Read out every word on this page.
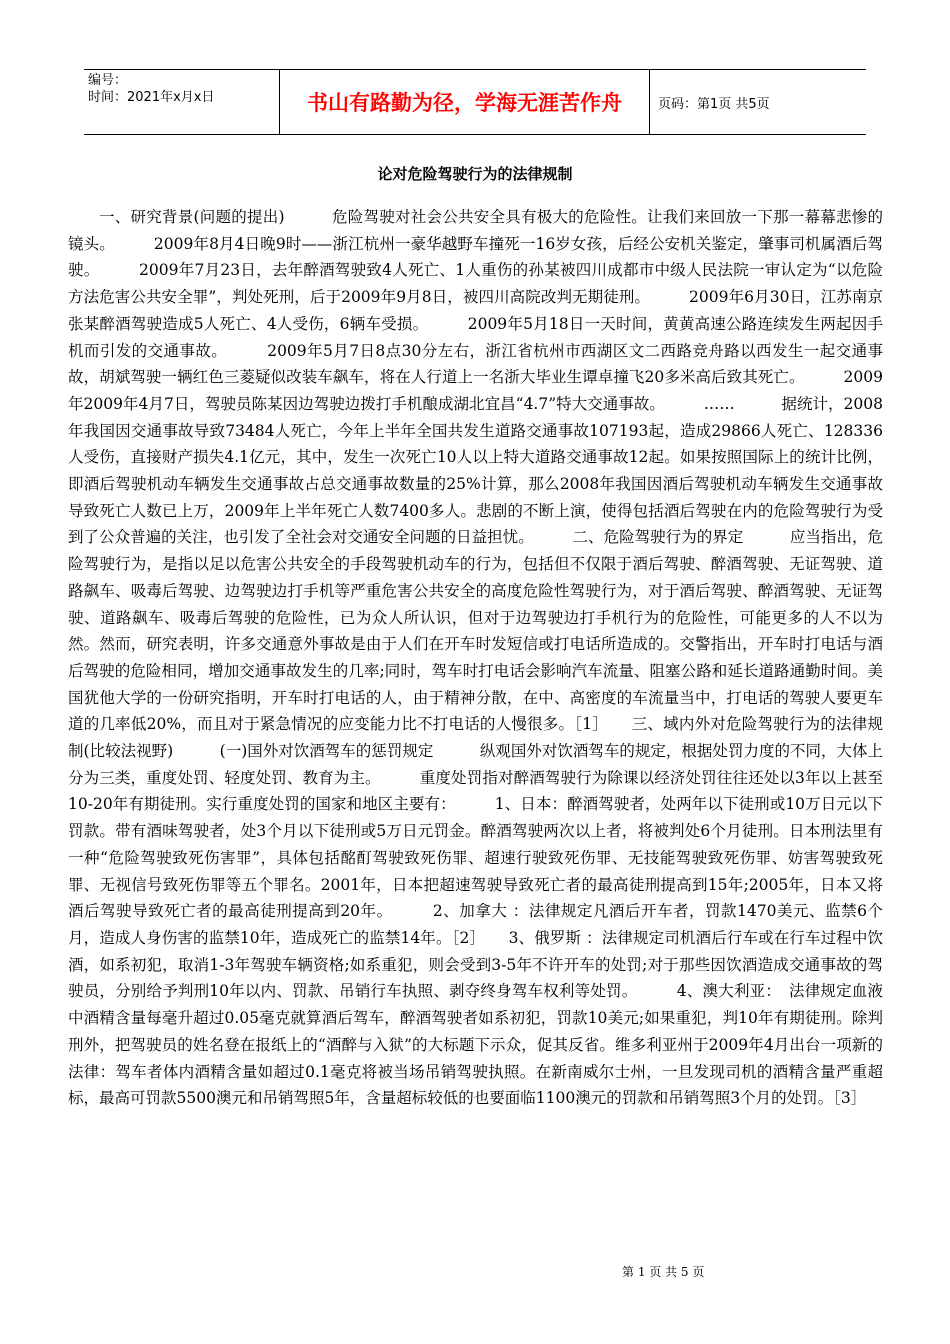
编号：
时间：2021年x月x日	书山有路勤为径，学海无涯苦作舟	页码：第1页 共5页
论对危险驾驶行为的法律规制

一、研究背景(问题的提出)　　　危险驾驶对社会公共安全具有极大的危险性。让我们来回放一下那一幕幕悲惨的镜头。　　　2009年8月4日晚9时——浙江杭州一豪华越野车撞死一16岁女孩，后经公安机关鉴定，肇事司机属酒后驾驶。　　　2009年7月23日，去年醉酒驾驶致4人死亡、1人重伤的孙某被四川成都市中级人民法院一审认定为“以危险方法危害公共安全罪”，判处死刑，后于2009年9月8日，被四川高院改判无期徒刑。　　　2009年6月30日，江苏南京张某醉酒驾驶造成5人死亡、4人受伤，6辆车受损。　　　2009年5月18日一天时间，黄黄高速公路连续发生两起因手机而引发的交通事故。　　　2009年5月7日8点30分左右，浙江省杭州市西湖区文二西路竞舟路以西发生一起交通事故，胡斌驾驶一辆红色三菱疑似改装车飙车，将在人行道上一名浙大毕业生谭卓撞飞20多米高后致其死亡。　　　2009年2009年4月7日，驾驶员陈某因边驾驶边拨打手机酿成湖北宜昌“4.7”特大交通事故。　　　……　　　据统计，2008年我国因交通事故导致73484人死亡，今年上半年全国共发生道路交通事故107193起，造成29866人死亡、128336人受伤，直接财产损失4.1亿元，其中，发生一次死亡10人以上特大道路交通事故12起。如果按照国际上的统计比例，即酒后驾驶机动车辆发生交通事故占总交通事故数量的25%计算，那么2008年我国因酒后驾驶机动车辆发生交通事故导致死亡人数已上万，2009年上半年死亡人数7400多人。悲剧的不断上演，使得包括酒后驾驶在内的危险驾驶行为受到了公众普遍的关注，也引发了全社会对交通安全问题的日益担忧。　　　二、危险驾驶行为的界定　　　应当指出，危险驾驶行为，是指以足以危害公共安全的手段驾驶机动车的行为，包括但不仅限于酒后驾驶、醉酒驾驶、无证驾驶、道路飙车、吸毒后驾驶、边驾驶边打手机等严重危害公共安全的高度危险性驾驶行为，对于酒后驾驶、醉酒驾驶、无证驾驶、道路飙车、吸毒后驾驶的危险性，已为众人所认识，但对于边驾驶边打手机行为的危险性，可能更多的人不以为然。然而，研究表明，许多交通意外事故是由于人们在开车时发短信或打电话所造成的。交警指出，开车时打电话与酒后驾驶的危险相同，增加交通事故发生的几率;同时，驾车时打电话会影响汽车流量、阻塞公路和延长道路通勤时间。美国犹他大学的一份研究指明，开车时打电话的人，由于精神分散，在中、高密度的车流量当中，打电话的驾驶人要更车道的几率低20%，而且对于紧急情况的应变能力比不打电话的人慢很多。［1］　　三、域内外对危险驾驶行为的法律规制(比较法视野)　　　(一)国外对饮酒驾车的惩罚规定　　　纵观国外对饮酒驾车的规定，根据处罚力度的不同，大体上分为三类，重度处罚、轻度处罚、教育为主。　　　重度处罚指对醉酒驾驶行为除课以经济处罚往往还处以3年以上甚至10-20年有期徒刑。实行重度处罚的国家和地区主要有：　　　1、日本：醉酒驾驶者，处两年以下徒刑或10万日元以下罚款。带有酒味驾驶者，处3个月以下徒刑或5万日元罚金。醉酒驾驶两次以上者，将被判处6个月徒刑。日本刑法里有一种“危险驾驶致死伤害罪”，具体包括酩酊驾驶致死伤罪、超速行驶致死伤罪、无技能驾驶致死伤罪、妨害驾驶致死罪、无视信号致死伤罪等五个罪名。2001年，日本把超速驾驶导致死亡者的最高徒刑提高到15年;2005年，日本又将酒后驾驶导致死亡者的最高徒刑提高到20年。　　　2、加拿大 ：法律规定凡酒后开车者，罚款1470美元、监禁6个月，造成人身伤害的监禁10年，造成死亡的监禁14年。［2］　　3、俄罗斯 ：法律规定司机酒后行车或在行车过程中饮酒，如系初犯，取消1-3年驾驶车辆资格;如系重犯，则会受到3-5年不许开车的处罚;对于那些因饮酒造成交通事故的驾驶员，分别给予判刑10年以内、罚款、吊销行车执照、剥夺终身驾车权利等处罚。　　　4、澳大利亚：　法律规定血液中酒精含量每毫升超过0.05毫克就算酒后驾车，醉酒驾驶者如系初犯，罚款10美元;如果重犯，判10年有期徒刑。除判刑外，把驾驶员的姓名登在报纸上的“酒醉与入狱”的大标题下示众，促其反省。维多利亚州于2009年4月出台一项新的法律：驾车者体内酒精含量如超过0.1毫克将被当场吊销驾驶执照。在新南威尔士州，一旦发现司机的酒精含量严重超标，最高可罚款5500澳元和吊销驾照5年，含量超标较低的也要面临1100澳元的罚款和吊销驾照3个月的处罚。［3］

第 1 页 共 5 页
